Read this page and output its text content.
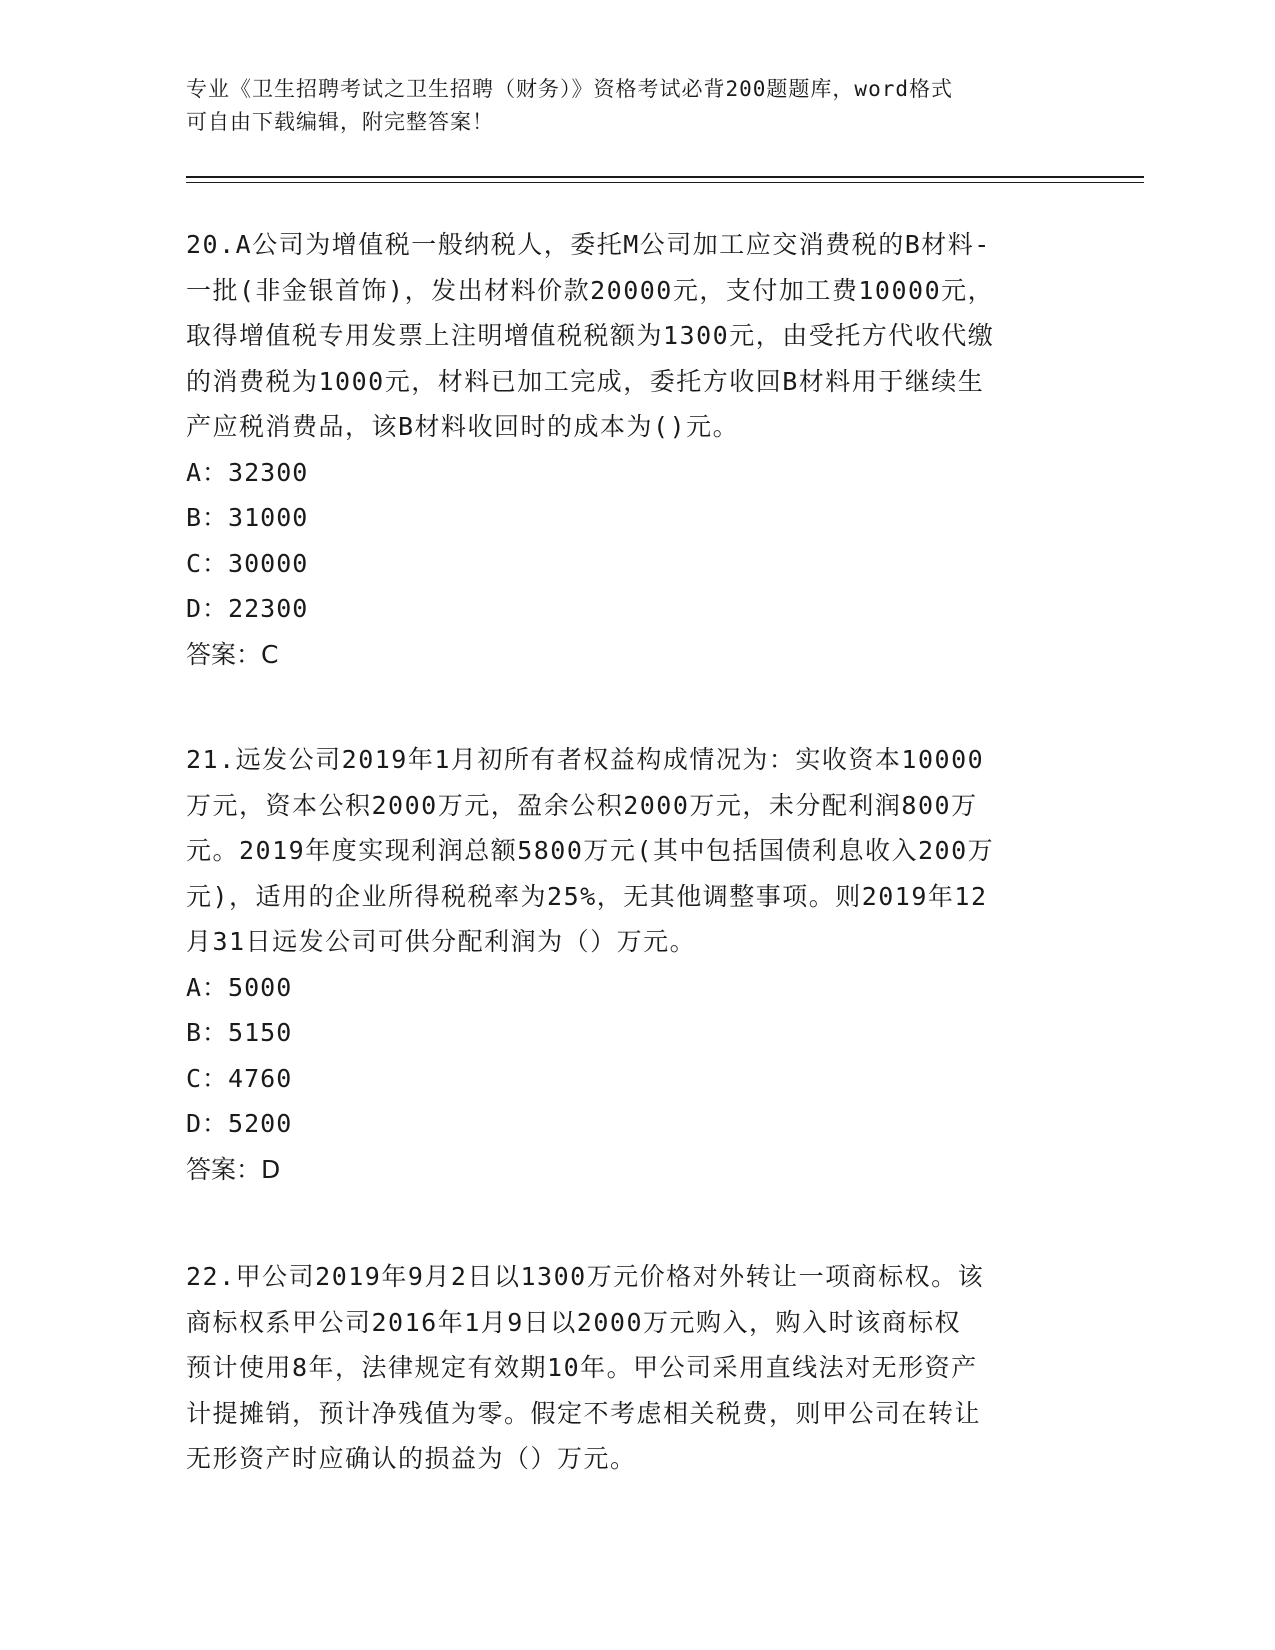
专业《卫生招聘考试之卫生招聘（财务）》资格考试必背200题题库，word格式
可自由下载编辑，附完整答案！
20.A公司为增值税一般纳税人，委托M公司加工应交消费税的B材料-
一批(非金银首饰)，发出材料价款20000元，支付加工费10000元，
取得增值税专用发票上注明增值税税额为1300元，由受托方代收代缴
的消费税为1000元，材料已加工完成，委托方收回B材料用于继续生
产应税消费品，该B材料收回时的成本为()元。
A：32300
B：31000
C：30000
D：22300
答案：C
21.远发公司2019年1月初所有者权益构成情况为：实收资本10000
万元，资本公积2000万元，盈余公积2000万元，未分配利润800万
元。2019年度实现利润总额5800万元(其中包括国债利息收入200万
元)，适用的企业所得税税率为25%，无其他调整事项。则2019年12
月31日远发公司可供分配利润为（）万元。
A：5000
B：5150
C：4760
D：5200
答案：D
22.甲公司2019年9月2日以1300万元价格对外转让一项商标权。该
商标权系甲公司2016年1月9日以2000万元购入，购入时该商标权
预计使用8年，法律规定有效期10年。甲公司采用直线法对无形资产
计提摊销，预计净残值为零。假定不考虑相关税费，则甲公司在转让
无形资产时应确认的损益为（）万元。
